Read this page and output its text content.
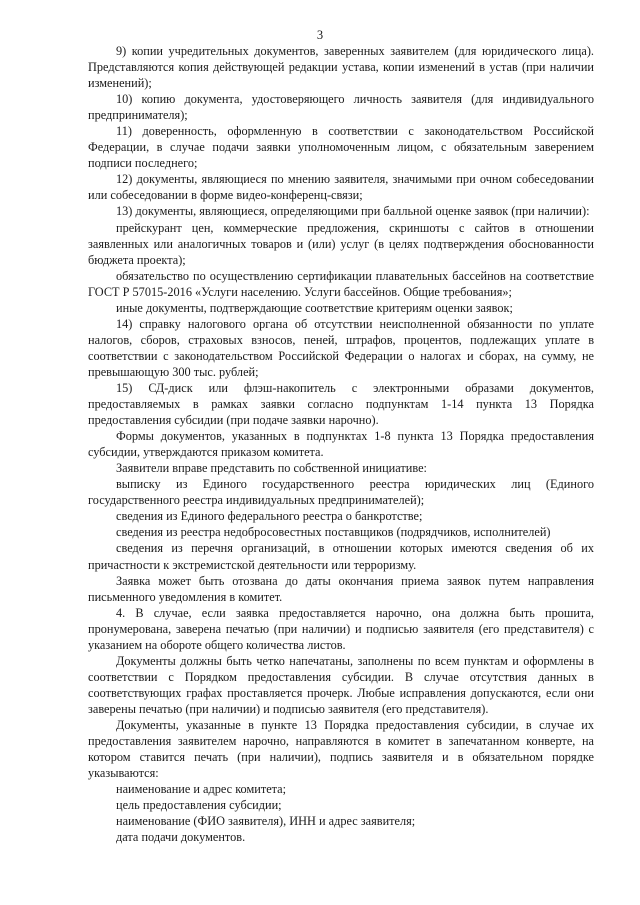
3

9) копии учредительных документов, заверенных заявителем (для юридического лица). Представляются копия действующей редакции устава, копии изменений в устав (при наличии изменений);

10) копию документа, удостоверяющего личность заявителя (для индивидуального предпринимателя);

11) доверенность, оформленную в соответствии с законодательством Российской Федерации, в случае подачи заявки уполномоченным лицом, с обязательным заверением подписи последнего;

12) документы, являющиеся по мнению заявителя, значимыми при очном собеседовании или собеседовании в форме видео-конференц-связи;

13) документы, являющиеся, определяющими при балльной оценке заявок (при наличии):

прейскурант цен, коммерческие предложения, скриншоты с сайтов в отношении заявленных или аналогичных товаров и (или) услуг (в целях подтверждения обоснованности бюджета проекта);

обязательство по осуществлению сертификации плавательных бассейнов на соответствие ГОСТ Р 57015-2016 «Услуги населению. Услуги бассейнов. Общие требования»;

иные документы, подтверждающие соответствие критериям оценки заявок;

14) справку налогового органа об отсутствии неисполненной обязанности по уплате налогов, сборов, страховых взносов, пеней, штрафов, процентов, подлежащих уплате в соответствии с законодательством Российской Федерации о налогах и сборах, на сумму, не превышающую 300 тыс. рублей;

15) СД-диск или флэш-накопитель с электронными образами документов, предоставляемых в рамках заявки согласно подпунктам 1-14 пункта 13 Порядка предоставления субсидии (при подаче заявки нарочно).

Формы документов, указанных в подпунктах 1-8 пункта 13 Порядка предоставления субсидии, утверждаются приказом комитета.

Заявители вправе представить по собственной инициативе:

выписку из Единого государственного реестра юридических лиц (Единого государственного реестра индивидуальных предпринимателей);

сведения из Единого федерального реестра о банкротстве;

сведения из реестра недобросовестных поставщиков (подрядчиков, исполнителей)

сведения из перечня организаций, в отношении которых имеются сведения об их причастности к экстремистской деятельности или терроризму.

Заявка может быть отозвана до даты окончания приема заявок путем направления письменного уведомления в комитет.

4. В случае, если заявка предоставляется нарочно, она должна быть прошита, пронумерована, заверена печатью (при наличии) и подписью заявителя (его представителя) с указанием на обороте общего количества листов.

Документы должны быть четко напечатаны, заполнены по всем пунктам и оформлены в соответствии с Порядком предоставления субсидии. В случае отсутствия данных в соответствующих графах проставляется прочерк. Любые исправления допускаются, если они заверены печатью (при наличии) и подписью заявителя (его представителя).

Документы, указанные в пункте 13 Порядка предоставления субсидии, в случае их предоставления заявителем нарочно, направляются в комитет в запечатанном конверте, на котором ставится печать (при наличии), подпись заявителя и в обязательном порядке указываются:

наименование и адрес комитета;

цель предоставления субсидии;

наименование (ФИО заявителя), ИНН и адрес заявителя;

дата подачи документов.
